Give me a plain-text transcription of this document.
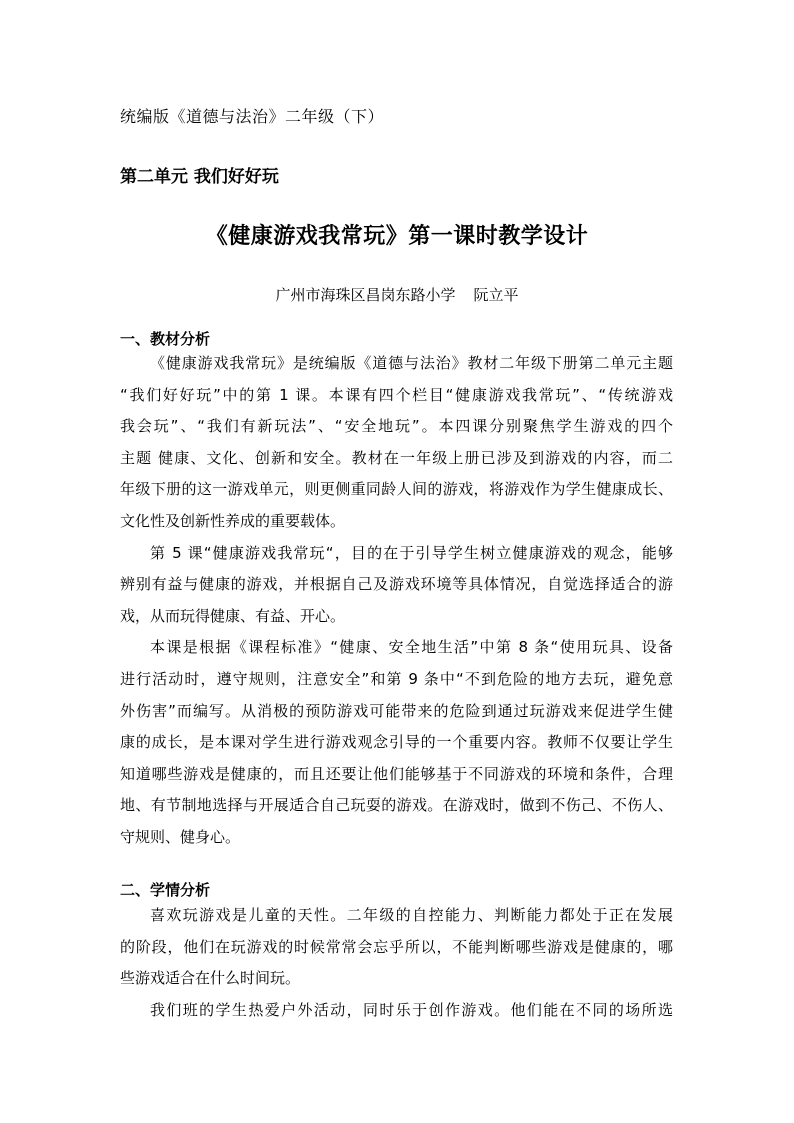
统编版《道德与法治》二年级（下）
第二单元 我们好好玩
《健康游戏我常玩》第一课时教学设计
广州市海珠区昌岗东路小学 阮立平
一、教材分析
《健康游戏我常玩》是统编版《道德与法治》教材二年级下册第二单元主题
“我们好好玩”中的第 1 课。本课有四个栏目“健康游戏我常玩”、“传统游戏
我会玩”、“我们有新玩法”、“安全地玩”。本四课分别聚焦学生游戏的四个
主题 健康、文化、创新和安全。教材在一年级上册已涉及到游戏的内容，而二
年级下册的这一游戏单元，则更侧重同龄人间的游戏，将游戏作为学生健康成长、
文化性及创新性养成的重要载体。
第 5 课“健康游戏我常玩“，目的在于引导学生树立健康游戏的观念，能够
辨别有益与健康的游戏，并根据自己及游戏环境等具体情况，自觉选择适合的游
戏，从而玩得健康、有益、开心。
本课是根据《课程标准》“健康、安全地生活”中第 8 条“使用玩具、设备
进行活动时，遵守规则，注意安全”和第 9 条中“不到危险的地方去玩，避免意
外伤害”而编写。从消极的预防游戏可能带来的危险到通过玩游戏来促进学生健
康的成长，是本课对学生进行游戏观念引导的一个重要内容。教师不仅要让学生
知道哪些游戏是健康的，而且还要让他们能够基于不同游戏的环境和条件，合理
地、有节制地选择与开展适合自己玩耍的游戏。在游戏时，做到不伤己、不伤人、
守规则、健身心。
二、学情分析
喜欢玩游戏是儿童的天性。二年级的自控能力、判断能力都处于正在发展
的阶段，他们在玩游戏的时候常常会忘乎所以，不能判断哪些游戏是健康的，哪
些游戏适合在什么时间玩。
我们班的学生热爱户外活动，同时乐于创作游戏。他们能在不同的场所选
